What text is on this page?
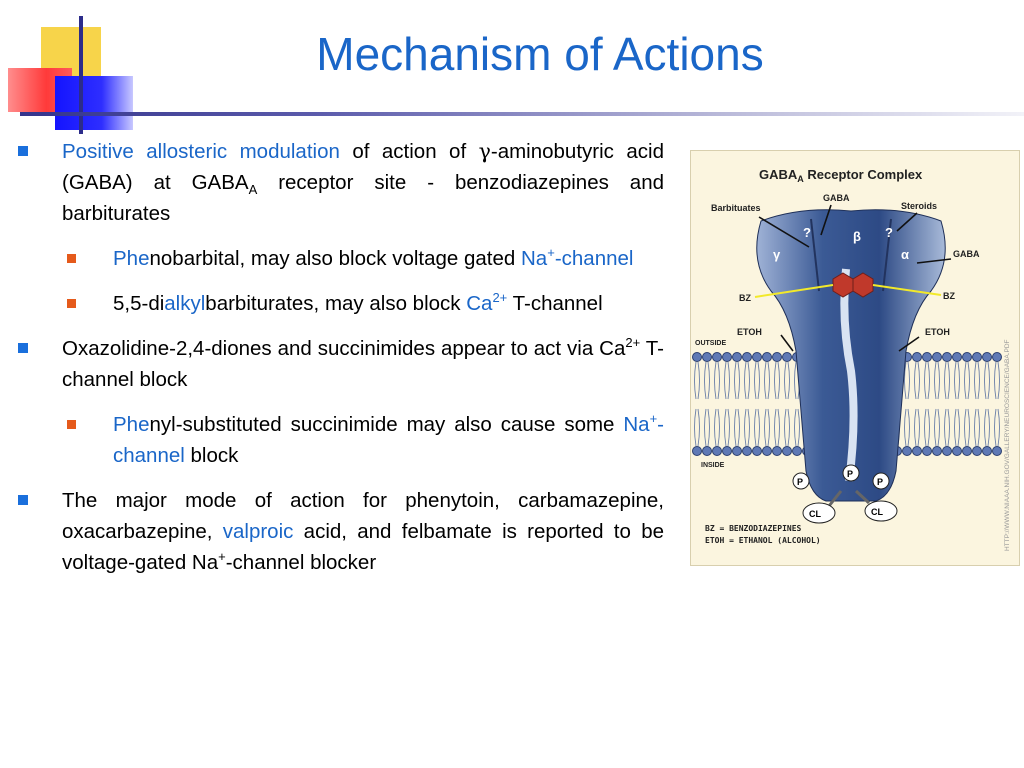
Mechanism of Actions
Positive allosteric modulation of action of γ-aminobutyric acid (GABA) at $GABA_A$ receptor site - benzodiazepines and barbiturates
Phenobarbital, may also block voltage gated Na+-channel
5,5-dialkylbarbiturates, may also block $Ca^{2+}$ T-channel
Oxazolidine-2,4-diones and succinimides appear to act via $Ca^{2+}$ T-channel block
Phenyl-substituted succinimide may also cause some Na+-channel block
The major mode of action for phenytoin, carbamazepine, oxacarbazepine, valproic acid, and felbamate is reported to be voltage-gated Na+-channel blocker
$GABA_A$ Receptor Complex
γ
?	β ?
α
Barbituates
GABA
Steroids
GABA
BZ	BZ
ETOH	ETOH
OUTSIDE
INSIDE
P
P
P
CL	CL
BZ = BENZODIAZEPINES
ETOH = ETHANOL (ALCOHOL)	HTTP://WWW.NIAAA.NIH.GOV/GALLERY/NEUROSCIENCE/GABA.PDF
